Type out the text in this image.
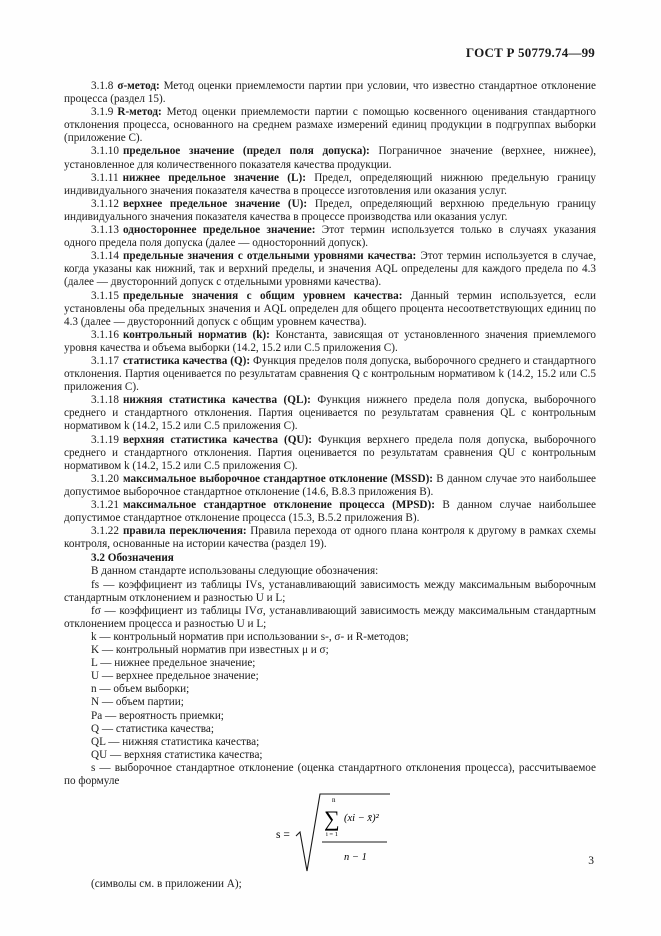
ГОСТ Р 50779.74—99

3.1.8 σ-метод: Метод оценки приемлемости партии при условии, что известно стандартное отклонение процесса (раздел 15).

3.1.9 R-метод: Метод оценки приемлемости партии с помощью косвенного оценивания стандартного отклонения процесса, основанного на среднем размахе измерений единиц продукции в подгруппах выборки (приложение С).

3.1.10 предельное значение (предел поля допуска): Пограничное значение (верхнее, нижнее), установленное для количественного показателя качества продукции.

3.1.11 нижнее предельное значение (L): Предел, определяющий нижнюю предельную границу индивидуального значения показателя качества в процессе изготовления или оказания услуг.

3.1.12 верхнее предельное значение (U): Предел, определяющий верхнюю предельную границу индивидуального значения показателя качества в процессе производства или оказания услуг.

3.1.13 одностороннее предельное значение: Этот термин используется только в случаях указания одного предела поля допуска (далее — односторонний допуск).

3.1.14 предельные значения с отдельными уровнями качества: Этот термин используется в случае, когда указаны как нижний, так и верхний пределы, и значения AQL определены для каждого предела по 4.3 (далее — двусторонний допуск с отдельными уровнями качества).

3.1.15 предельные значения с общим уровнем качества: Данный термин используется, если установлены оба предельных значения и AQL определен для общего процента несоответствующих единиц по 4.3 (далее — двусторонний допуск с общим уровнем качества).

3.1.16 контрольный норматив (k): Константа, зависящая от установленного значения приемлемого уровня качества и объема выборки (14.2, 15.2 или С.5 приложения С).

3.1.17 статистика качества (Q): Функция пределов поля допуска, выборочного среднего и стандартного отклонения. Партия оценивается по результатам сравнения Q с контрольным нормативом k (14.2, 15.2 или С.5 приложения С).

3.1.18 нижняя статистика качества (QL): Функция нижнего предела поля допуска, выборочного среднего и стандартного отклонения. Партия оценивается по результатам сравнения QL с контрольным нормативом k (14.2, 15.2 или С.5 приложения С).

3.1.19 верхняя статистика качества (QU): Функция верхнего предела поля допуска, выборочного среднего и стандартного отклонения. Партия оценивается по результатам сравнения QU с контрольным нормативом k (14.2, 15.2 или С.5 приложения С).

3.1.20 максимальное выборочное стандартное отклонение (MSSD): В данном случае это наибольшее допустимое выборочное стандартное отклонение (14.6, В.8.3 приложения В).

3.1.21 максимальное стандартное отклонение процесса (MPSD): В данном случае наибольшее допустимое стандартное отклонение процесса (15.3, В.5.2 приложения В).

3.1.22 правила переключения: Правила перехода от одного плана контроля к другому в рамках схемы контроля, основанные на истории качества (раздел 19).

3.2 Обозначения

В данном стандарте использованы следующие обозначения:

fs — коэффициент из таблицы IVs, устанавливающий зависимость между максимальным выборочным стандартным отклонением и разностью U и L;

fσ — коэффициент из таблицы IVσ, устанавливающий зависимость между максимальным стандартным отклонением процесса и разностью U и L;

k — контрольный норматив при использовании s-, σ- и R-методов;

K — контрольный норматив при известных μ и σ;

L — нижнее предельное значение;

U — верхнее предельное значение;

n — объем выборки;

N — объем партии;

Pa — вероятность приемки;

Q — статистика качества;

QL — нижняя статистика качества;

QU — верхняя статистика качества;

s — выборочное стандартное отклонение (оценка стандартного отклонения процесса), рассчитываемое по формуле

s =
n
∑
i = 1
(xi − x̄)²
n − 1

(символы см. в приложении А);

3
